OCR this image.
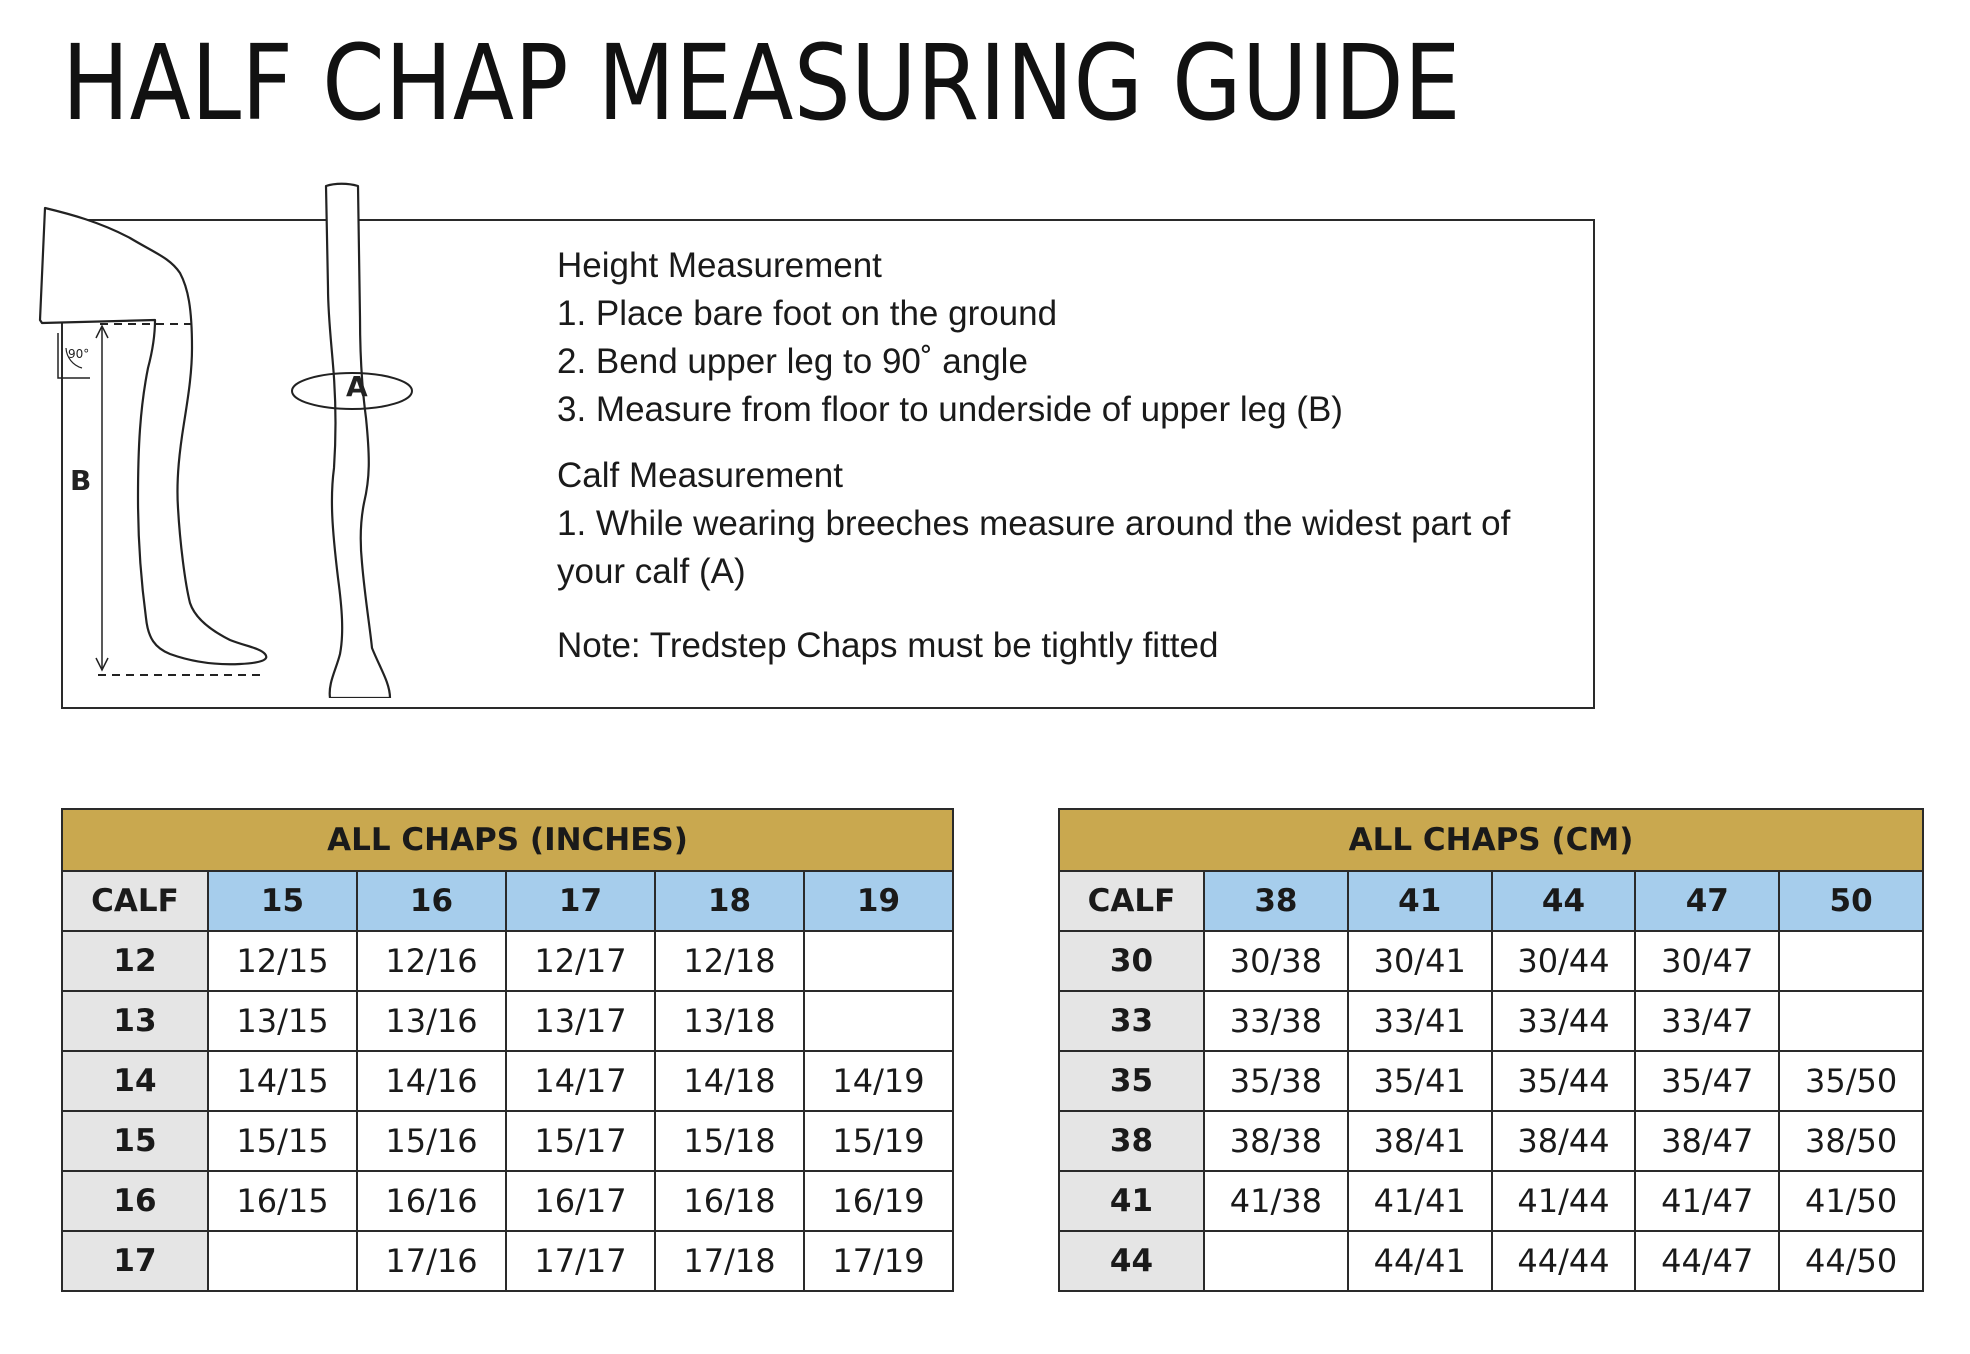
HALF CHAP MEASURING GUIDE
90°
A
B
Height Measurement
1. Place bare foot on the ground
2. Bend upper leg to 90˚ angle
3. Measure from floor to underside of upper leg (B)
Calf Measurement
1. While wearing breeches measure around the widest part of your calf (A)
Note: Tredstep Chaps must be tightly fitted
ALL CHAPS (INCHES)					
CALF	15	16	17	18	19
12	12/15	12/16	12/17	12/18	
13	13/15	13/16	13/17	13/18	
14	14/15	14/16	14/17	14/18	14/19
15	15/15	15/16	15/17	15/18	15/19
16	16/15	16/16	16/17	16/18	16/19
17		17/16	17/17	17/18	17/19
ALL CHAPS (CM)					
CALF	38	41	44	47	50
30	30/38	30/41	30/44	30/47	
33	33/38	33/41	33/44	33/47	
35	35/38	35/41	35/44	35/47	35/50
38	38/38	38/41	38/44	38/47	38/50
41	41/38	41/41	41/44	41/47	41/50
44		44/41	44/44	44/47	44/50
